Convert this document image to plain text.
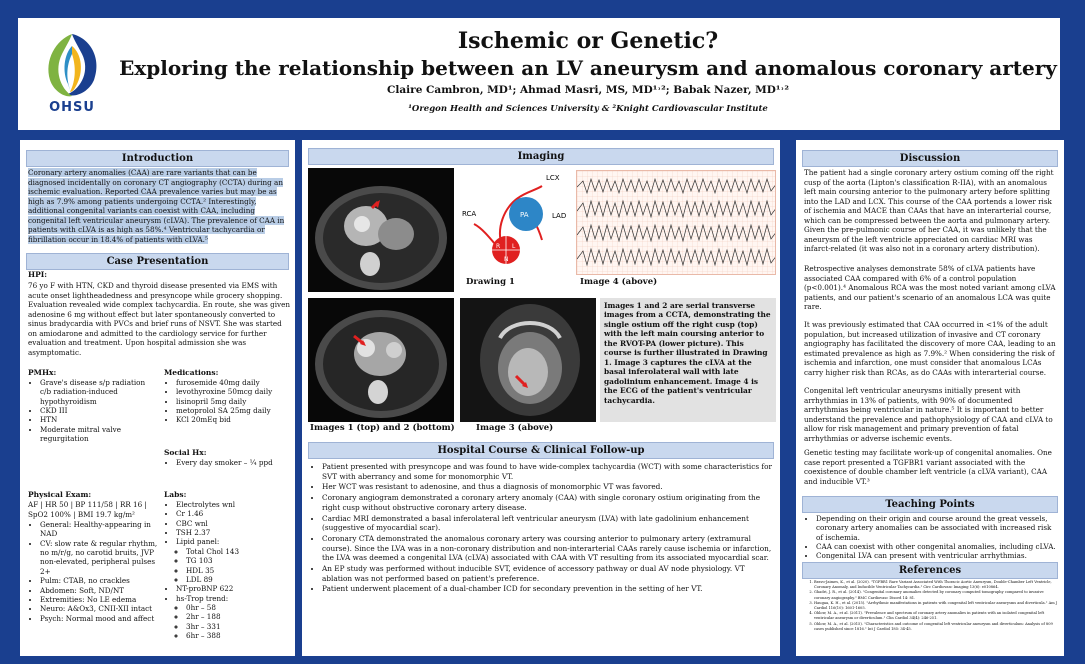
OHSU
Ischemic or Genetic?
Exploring the relationship between an LV aneurysm and anomalous coronary artery
Claire Cambron, MD¹; Ahmad Masri, MS, MD¹˒²; Babak Nazer, MD¹˒²
¹Oregon Health and Sciences University & ²Knight Cardiovascular Institute
Introduction
Coronary artery anomalies (CAA) are rare variants that can be diagnosed incidentally on coronary CT angiography (CCTA) during an ischemic evaluation. Reported CAA prevalence varies but may be as high as 7.9% among patients undergoing CCTA.² Interestingly, additional congenital variants can coexist with CAA, including congenital left ventricular aneurysm (cLVA). The prevalence of CAA in patients with cLVA is as high as 58%.⁴ Ventricular tachycardia or fibrillation occur in 18.4% of patients with cLVA.⁵
Case Presentation
HPI:
76 yo F with HTN, CKD and thyroid disease presented via EMS with acute onset lightheadedness and presyncope while grocery shopping. Evaluation revealed wide complex tachycardia. En route, she was given adenosine 6 mg without effect but later spontaneously converted to sinus bradycardia with PVCs and brief runs of NSVT. She was started on amiodarone and admitted to the cardiology service for further evaluation and treatment. Upon hospital admission she was asymptomatic.
PMHx:
• Grave's disease s/p radiation c/b radiation-induced hypothyroidism
• CKD III
• HTN
• Moderate mitral valve regurgitation
Medications:
• furosemide 40mg daily
• levothyroxine 50mcg daily
• lisinopril 5mg daily
• metoprolol SA 25mg daily
• KCl 20mEq bid
Social Hx:
• Every day smoker – ¼ ppd
Physical Exam:
AF | HR 50 | BP 111/58 | RR 16 | SpO2 100% | BMI 19.7 kg/m²
• General: Healthy-appearing in NAD
• CV: slow rate & regular rhythm, no m/r/g, no carotid bruits, JVP non-elevated, peripheral pulses 2+
• Pulm: CTAB, no crackles
• Abdomen: Soft, ND/NT
• Extremities: No LE edema
• Neuro: A&Ox3, CNII-XII intact
• Psych: Normal mood and affect
Labs:
• Electrolytes wnl
• Cr 1.46
• CBC wnl
• TSH 2.37
• Lipid panel:
◦ Total Chol 143
◦ TG 103
◦ HDL 35
◦ LDL 89
• NT-proBNP 622
• hs-Trop trend:
◦ 0hr – 58
◦ 2hr – 188
◦ 3hr – 331
◦ 6hr – 388
Imaging
LCX
RCA	PA	LAD
R L
N
Drawing 1	Image 4 (above)
Images 1 and 2 are serial transverse images from a CCTA, demonstrating the single ostium off the right cusp (top) with the left main coursing anterior to the RVOT-PA (lower picture). This course is further illustrated in Drawing 1. Image 3 captures the cLVA at the basal inferolateral wall with late gadolinium enhancement. Image 4 is the ECG of the patient's ventricular tachycardia.
Images 1 (top) and 2 (bottom)	Image 3 (above)
Hospital Course & Clinical Follow-up
• Patient presented with presyncope and was found to have wide-complex tachycardia (WCT) with some characteristics for SVT with aberrancy and some for monomorphic VT.
• Her WCT was resistant to adenosine, and thus a diagnosis of monomorphic VT was favored.
• Coronary angiogram demonstrated a coronary artery anomaly (CAA) with single coronary ostium originating from the right cusp without obstructive coronary artery disease.
• Cardiac MRI demonstrated a basal inferolateral left ventricular aneurysm (LVA) with late gadolinium enhancement (suggestive of myocardial scar).
• Coronary CTA demonstrated the anomalous coronary artery was coursing anterior to pulmonary artery (extramural course). Since the LVA was in a non-coronary distribution and non-interarterial CAAs rarely cause ischemia or infarction, the LVA was deemed a congenital LVA (cLVA) associated with CAA with VT resulting from its associated myocardial scar.
• An EP study was performed without inducible SVT, evidence of accessory pathway or dual AV node physiology. VT ablation was not performed based on patient's preference.
• Patient underwent placement of a dual-chamber ICD for secondary prevention in the setting of her VT.
Discussion
The patient had a single coronary artery ostium coming off the right cusp of the aorta (Lipton's classification R-IIA), with an anomalous left main coursing anterior to the pulmonary artery before splitting into the LAD and LCX. This course of the CAA portends a lower risk of ischemia and MACE than CAAs that have an interarterial course, which can be compressed between the aorta and pulmonary artery. Given the pre-pulmonic course of her CAA, it was unlikely that the aneurysm of the left ventricle appreciated on cardiac MRI was infarct-related (it was also not in a coronary artery distribution).
Retrospective analyses demonstrate 58% of cLVA patients have associated CAA compared with 6% of a control population (p<0.001).⁴ Anomalous RCA was the most noted variant among cLVA patients, and our patient's scenario of an anomalous LCA was quite rare.
It was previously estimated that CAA occurred in <1% of the adult population, but increased utilization of invasive and CT coronary angiography has facilitated the discovery of more CAA, leading to an estimated prevalence as high as 7.9%.² When considering the risk of ischemia and infarction, one must consider that anomalous LCAs carry higher risk than RCAs, as do CAAs with interarterial course.
Congenital left ventricular aneurysms initially present with arrhythmias in 13% of patients, with 90% of documented arrhythmias being ventricular in nature.⁵ It is important to better understand the prevalence and pathophysiology of CAA and cLVA to allow for risk management and primary prevention of fatal arrhythmias or adverse ischemic events.
Genetic testing may facilitate work-up of congenital anomalies. One case report presented a TGFBR1 variant associated with the coexistence of double chamber left ventricle (a cLVA variant), CAA and inducible VT.³
Teaching Points
• Depending on their origin and course around the great vessels, coronary artery anomalies can be associated with increased risk of ischemia.
• CAA can coexist with other congenital anomalies, including cLVA.
• Congenital LVA can present with ventricular arrhythmias.
References
1. Bravo-Jaimes, K., et al. (2020). "TGFBR1 Rare Variant Associated With Thoracic Aortic Aneurysm, Double-Chamber Left Ventricle, Coronary Anomaly, and Inducible Ventricular Tachycardia." Circ Cardiovasc Imaging 13(6): e010864.
2. Ghadri, J. R., et al. (2014). "Congenital coronary anomalies detected by coronary computed tomography compared to invasive coronary angiography." BMC Cardiovasc Disord 14: 81.
3. Haugaa, K. H., et al. (2015). "Arrhythmic manifestations in patients with congenital left ventricular aneurysms and diverticula." Am J Cardiol 116(10): 1601-1605.
4. Ohlow, M. A., et al. (2011). "Prevalence and spectrum of coronary artery anomalies in patients with an isolated congenital left ventricular aneurysm or diverticulum." Clin Cardiol 34(4): 246-251.
5. Ohlow, M. A., et al. (2015). "Characteristics and outcome of congenital left ventricular aneurysm and diverticulum: Analysis of 809 cases published since 1816." Int J Cardiol 185: 34-45.
